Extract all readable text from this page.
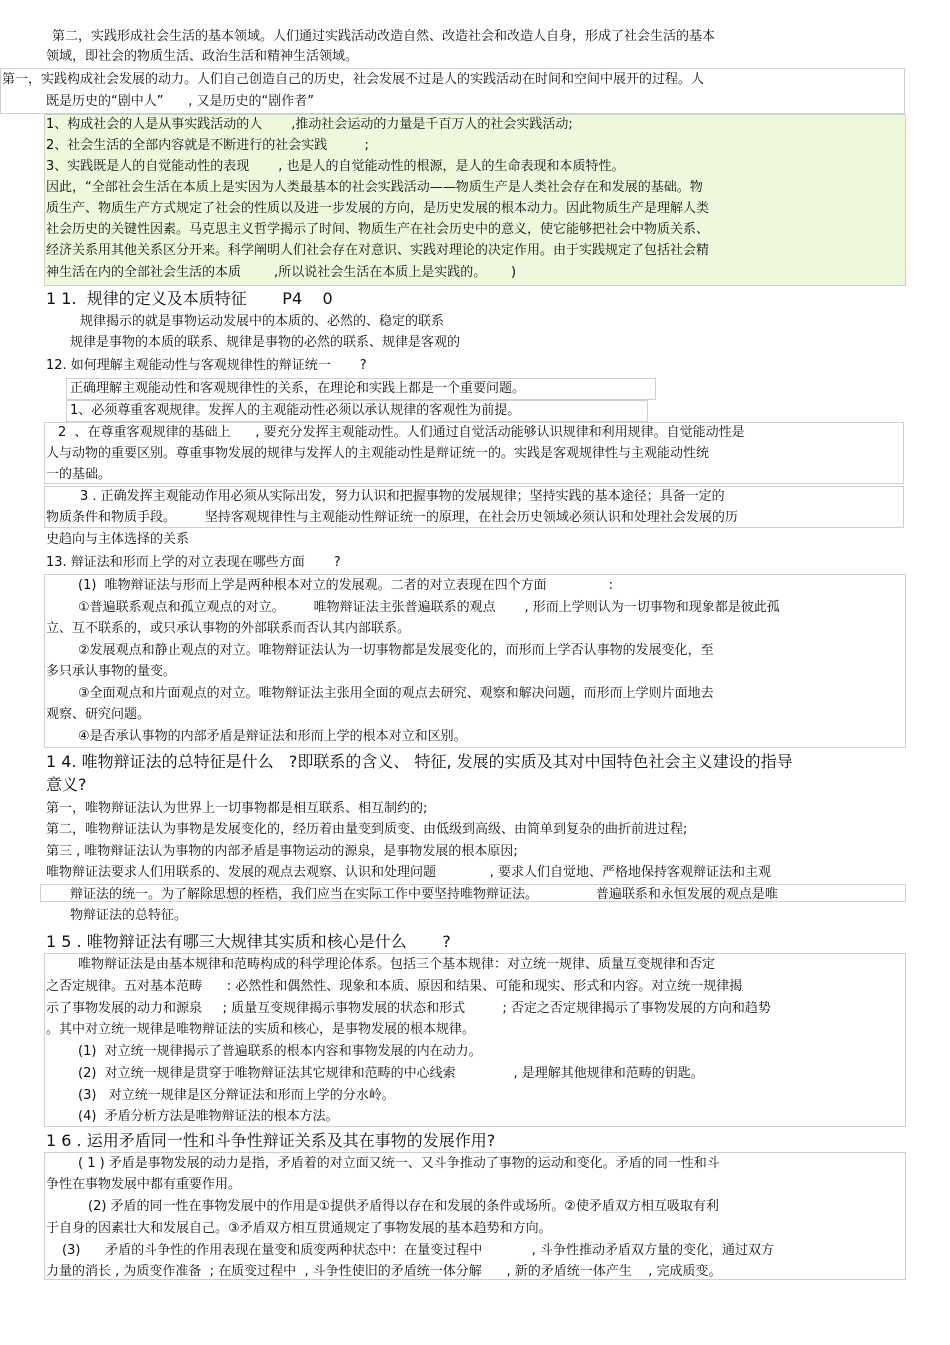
第二，实践形成社会生活的基本领域。人们通过实践活动改造自然、改造社会和改造人自身，形成了社会生活的基本
领域，即社会的物质生活、政治生活和精神生活领域。
第一，实践构成社会发展的动力。人们自己创造自己的历史，社会发展不过是人的实践活动在时间和空间中展开的过程。人
既是历史的“剧中人”      , 又是历史的“剧作者”
1、构成社会的人是从事实践活动的人       ,推动社会运动的力量是千百万人的社会实践活动;
2、社会生活的全部内容就是不断进行的社会实践         ;
3、实践既是人的自觉能动性的表现       , 也是人的自觉能动性的根源，是人的生命表现和本质特性。
因此，“全部社会生活在本质上是实因为人类最基本的社会实践活动——物质生产是人类社会存在和发展的基础。物
质生产、物质生产方式规定了社会的性质以及进一步发展的方向，是历史发展的根本动力。因此物质生产是理解人类
社会历史的关键性因素。马克思主义哲学揭示了时间、物质生产在社会历史中的意义，使它能够把社会中物质关系、
经济关系用其他关系区分开来。科学阐明人们社会存在对意识、实践对理论的决定作用。由于实践规定了包括社会精
神生活在内的全部社会生活的本质        ,所以说社会生活在本质上是实践的。      )
1 1.  规律的定义及本质特征       P4    0
规律揭示的就是事物运动发展中的本质的、必然的、稳定的联系
规律是事物的本质的联系、规律是事物的必然的联系、规律是客观的
12. 如何理解主观能动性与客观规律性的辩证统一       ?
正确理解主观能动性和客观规律性的关系，在理论和实践上都是一个重要问题。
1、必须尊重客观规律。发挥人的主观能动性必须以承认规律的客观性为前提。
2  、在尊重客观规律的基础上      , 要充分发挥主观能动性。人们通过自觉活动能够认识规律和利用规律。自觉能动性是
人与动物的重要区别。尊重事物发展的规律与发挥人的主观能动性是辩证统一的。实践是客观规律性与主观能动性统
一的基础。
3 . 正确发挥主观能动作用必须从实际出发，努力认识和把握事物的发展规律；坚持实践的基本途径；具备一定的
物质条件和物质手段。       坚持客观规律性与主观能动性辩证统一的原理，在社会历史领域必须认识和处理社会发展的历
史趋向与主体选择的关系
13. 辩证法和形而上学的对立表现在哪些方面       ?
(1)  唯物辩证法与形而上学是两种根本对立的发展观。二者的对立表现在四个方面               :
①普遍联系观点和孤立观点的对立。       唯物辩证法主张普遍联系的观点       , 形而上学则认为一切事物和现象都是彼此孤
立、互不联系的，或只承认事物的外部联系而否认其内部联系。
②发展观点和静止观点的对立。唯物辩证法认为一切事物都是发展变化的，而形而上学否认事物的发展变化，至
多只承认事物的量变。
③全面观点和片面观点的对立。唯物辩证法主张用全面的观点去研究、观察和解决问题，而形而上学则片面地去
观察、研究问题。
④是否承认事物的内部矛盾是辩证法和形而上学的根本对立和区别。
1 4. 唯物辩证法的总特征是什么   ?即联系的含义、 特征, 发展的实质及其对中国特色社会主义建设的指导
意义?
第一，唯物辩证法认为世界上一切事物都是相互联系、相互制约的;
第二，唯物辩证法认为事物是发展变化的，经历着由量变到质变、由低级到高级、由简单到复杂的曲折前进过程;
第三 , 唯物辩证法认为事物的内部矛盾是事物运动的源泉，是事物发展的根本原因;
唯物辩证法要求人们用联系的、发展的观点去观察、认识和处理问题             , 要求人们自觉地、严格地保持客观辩证法和主观
辩证法的统一。为了解除思想的桎梏，我们应当在实际工作中要坚持唯物辩证法。              普遍联系和永恒发展的观点是唯
物辩证法的总特征。
1 5 . 唯物辩证法有哪三大规律其实质和核心是什么       ?
唯物辩证法是由基本规律和范畴构成的科学理论体系。包括三个基本规律：对立统一规律、质量互变规律和否定
之否定规律。五对基本范畴      : 必然性和偶然性、现象和本质、原因和结果、可能和现实、形式和内容。对立统一规律揭
示了事物发展的动力和源泉     ; 质量互变规律揭示事物发展的状态和形式         ; 否定之否定规律揭示了事物发展的方向和趋势
。其中对立统一规律是唯物辩证法的实质和核心，是事物发展的根本规律。
(1)  对立统一规律揭示了普遍联系的根本内容和事物发展的内在动力。
(2)  对立统一规律是贯穿于唯物辩证法其它规律和范畴的中心线索              , 是理解其他规律和范畴的钥匙。
(3)   对立统一规律是区分辩证法和形而上学的分水岭。
(4)  矛盾分析方法是唯物辩证法的根本方法。
1 6 . 运用矛盾同一性和斗争性辩证关系及其在事物的发展作用?
( 1 ) 矛盾是事物发展的动力是指，矛盾着的对立面又统一、又斗争推动了事物的运动和变化。矛盾的同一性和斗
争性在事物发展中都有重要作用。
(2) 矛盾的同一性在事物发展中的作用是①提供矛盾得以存在和发展的条件或场所。②使矛盾双方相互吸取有利
于自身的因素壮大和发展自己。③矛盾双方相互贯通规定了事物发展的基本趋势和方向。
(3)      矛盾的斗争性的作用表现在量变和质变两种状态中：在量变过程中            , 斗争性推动矛盾双方量的变化，通过双方
力量的消长 , 为质变作准备  ; 在质变过程中  , 斗争性使旧的矛盾统一体分解      , 新的矛盾统一体产生    , 完成质变。
